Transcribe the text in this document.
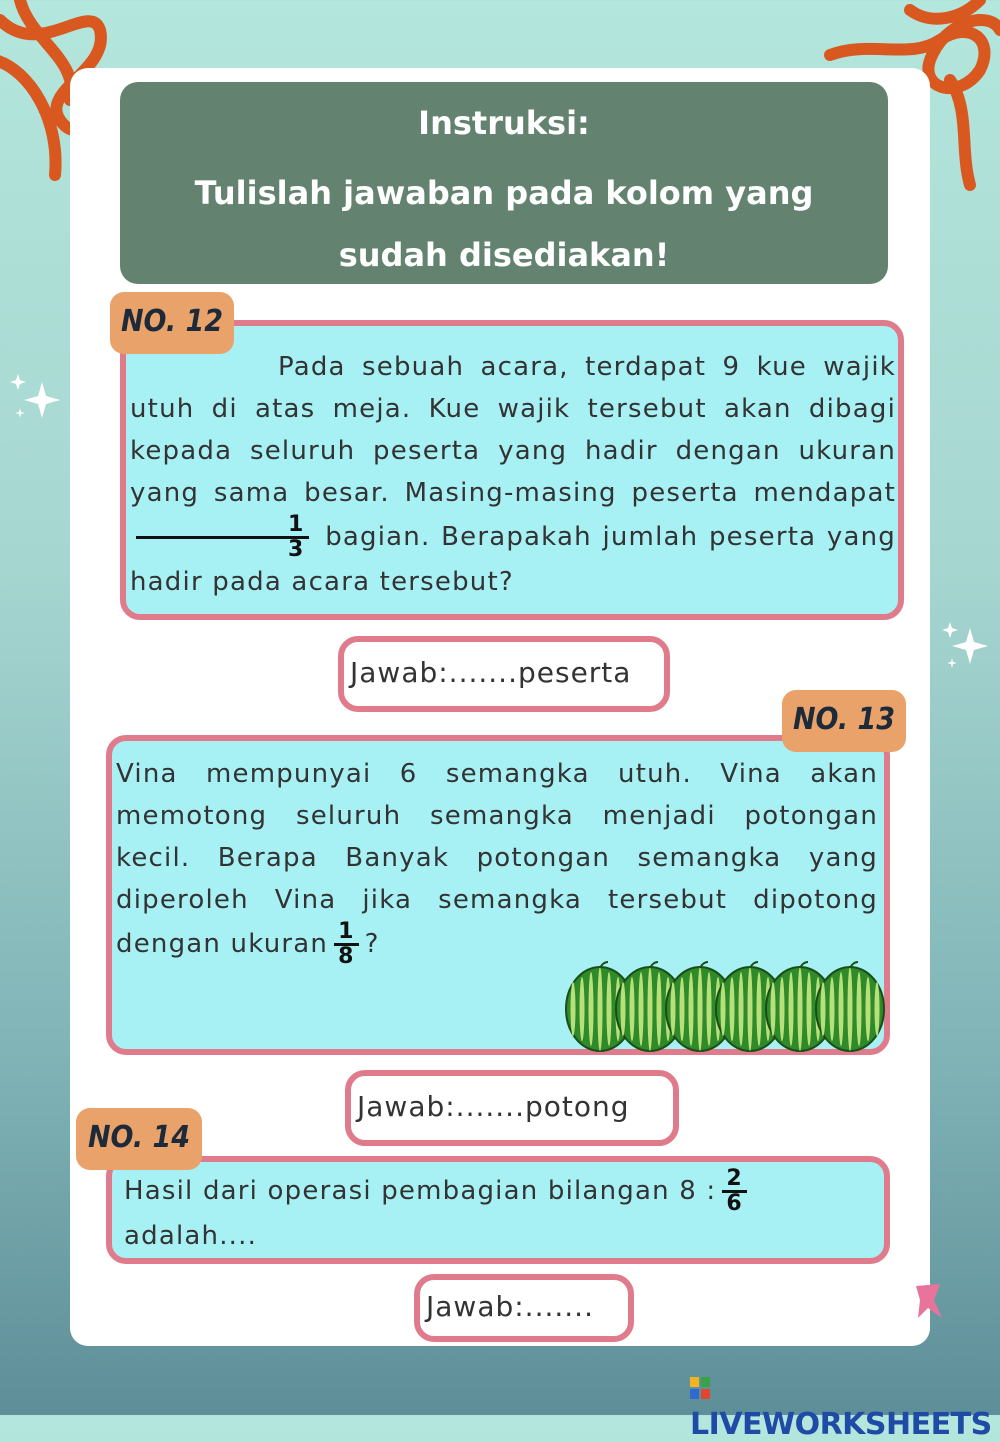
Instruksi:
Tulislah jawaban pada kolom yang sudah disediakan!
Pada sebuah acara, terdapat 9 kue wajik utuh di atas meja. Kue wajik tersebut akan dibagi kepada seluruh peserta yang hadir dengan ukuran yang sama besar. Masing-masing peserta mendapat
$\frac{1}{3}$ bagian. Berapakah jumlah peserta yang hadir pada acara tersebut?
NO. 12
Jawab:.......peserta
Vina mempunyai 6 semangka utuh. Vina akan memotong seluruh semangka menjadi potongan kecil. Berapa Banyak potongan semangka yang diperoleh Vina jika semangka tersebut dipotong dengan ukuran $\frac{1}{8}$ ?
NO. 13
Jawab:.......potong
Hasil dari operasi pembagian bilangan 8 : $\frac{2}{6}$

adalah....
NO. 14
Jawab:.......
LIVEWORKSHEETS
